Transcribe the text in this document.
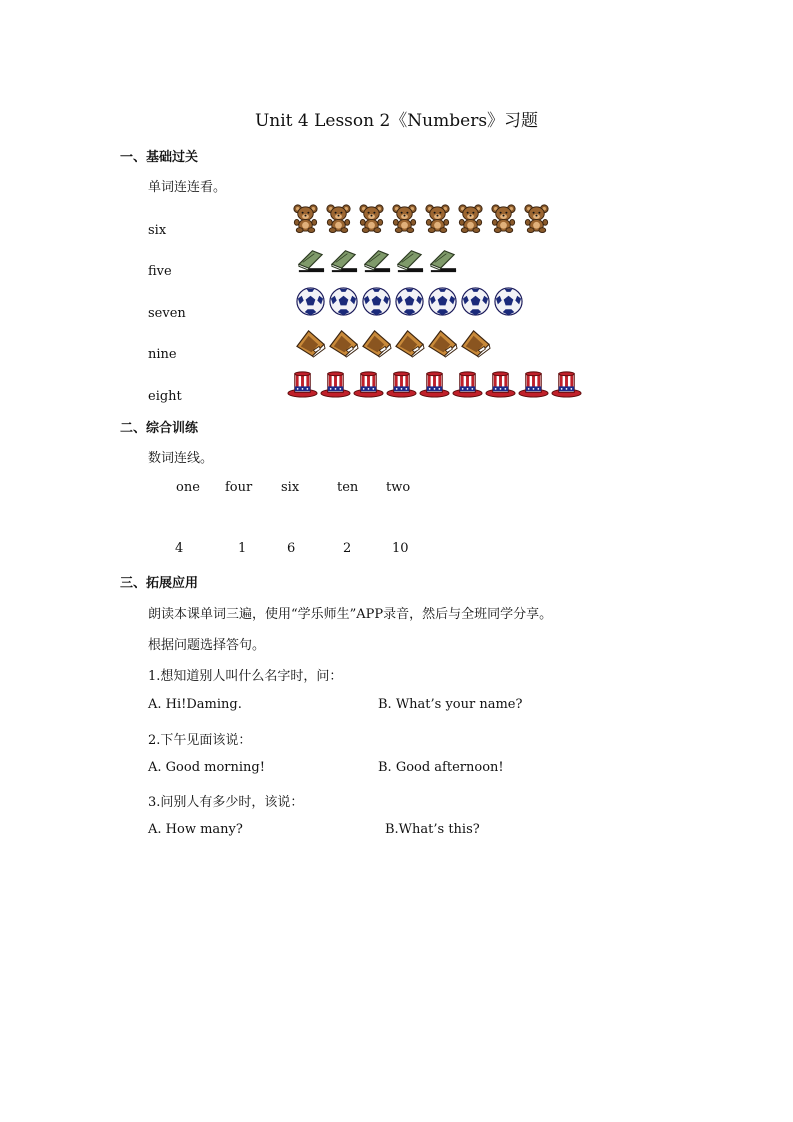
Unit 4 Lesson 2《Numbers》习题
一、基础过关
单词连连看。
six
five
seven
nine
eight
二、综合训练
数词连线。
one four six	ten two
4	1	6	2	10
三、拓展应用
朗读本课单词三遍，使用“学乐师生”APP录音，然后与全班同学分享。
根据问题选择答句。
1.想知道别人叫什么名字时，问：
A. Hi!Daming.	B. What’s your name?
2.下午见面该说：
A. Good morning!	B. Good afternoon!
3.问别人有多少时，该说：
A. How many?	B.What’s this?
